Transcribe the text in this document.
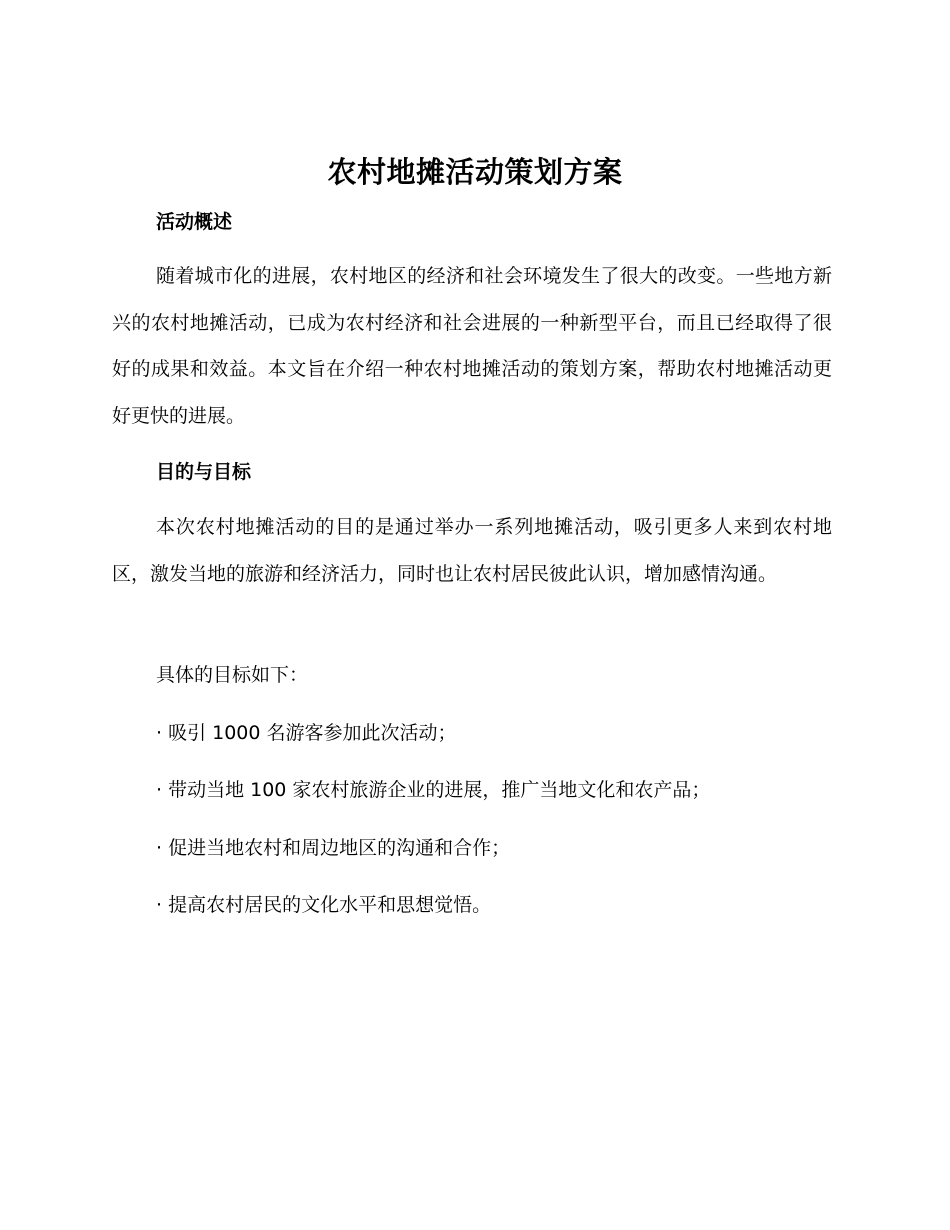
农村地摊活动策划方案
活动概述

随着城市化的进展，农村地区的经济和社会环境发生了很大的改变。一些地方新兴的农村地摊活动，已成为农村经济和社会进展的一种新型平台，而且已经取得了很好的成果和效益。本文旨在介绍一种农村地摊活动的策划方案，帮助农村地摊活动更好更快的进展。

目的与目标

本次农村地摊活动的目的是通过举办一系列地摊活动，吸引更多人来到农村地区，激发当地的旅游和经济活力，同时也让农村居民彼此认识，增加感情沟通。

具体的目标如下：

· 吸引 1000 名游客参加此次活动；

· 带动当地 100 家农村旅游企业的进展，推广当地文化和农产品；

· 促进当地农村和周边地区的沟通和合作；

· 提高农村居民的文化水平和思想觉悟。
